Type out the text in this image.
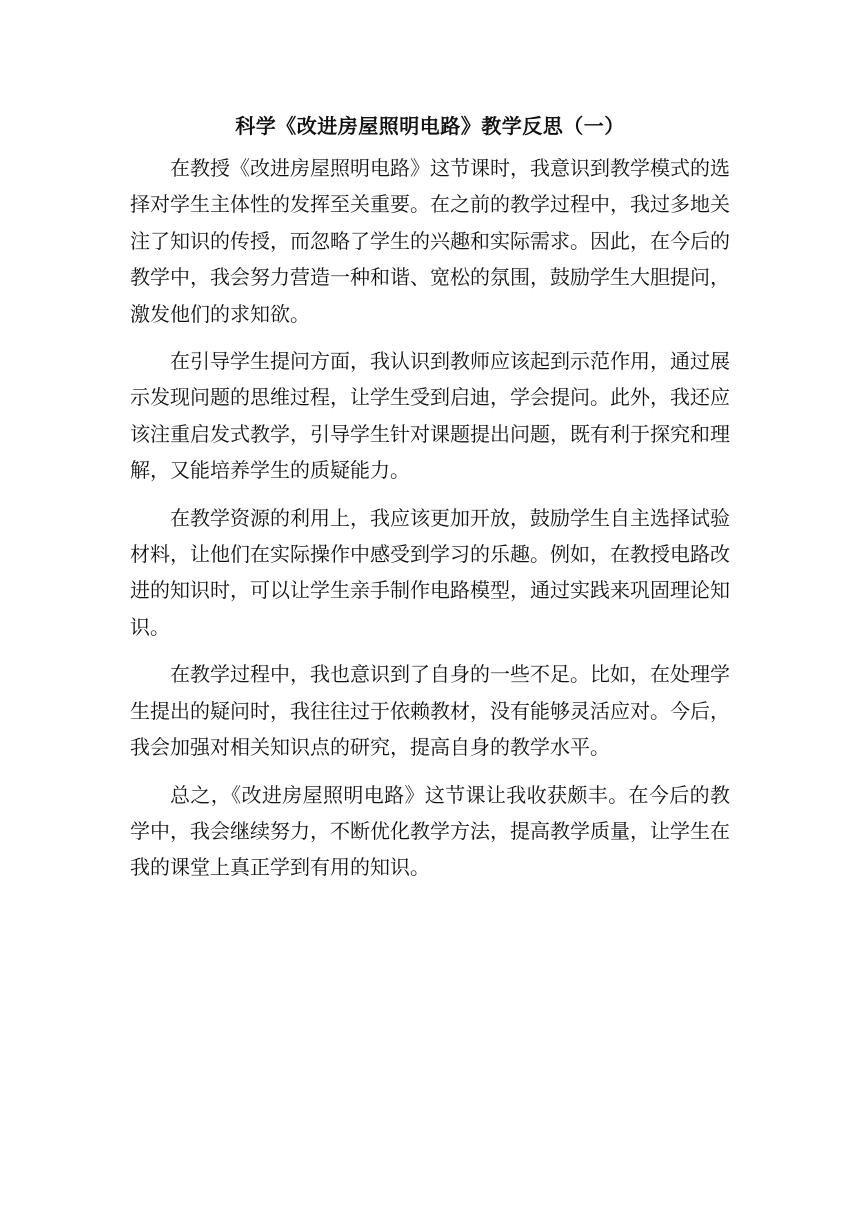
科学《改进房屋照明电路》教学反思（一）

在教授《改进房屋照明电路》这节课时，我意识到教学模式的选择对学生主体性的发挥至关重要。在之前的教学过程中，我过多地关注了知识的传授，而忽略了学生的兴趣和实际需求。因此，在今后的教学中，我会努力营造一种和谐、宽松的氛围，鼓励学生大胆提问，激发他们的求知欲。

在引导学生提问方面，我认识到教师应该起到示范作用，通过展示发现问题的思维过程，让学生受到启迪，学会提问。此外，我还应该注重启发式教学，引导学生针对课题提出问题，既有利于探究和理解，又能培养学生的质疑能力。

在教学资源的利用上，我应该更加开放，鼓励学生自主选择试验材料，让他们在实际操作中感受到学习的乐趣。例如，在教授电路改进的知识时，可以让学生亲手制作电路模型，通过实践来巩固理论知识。

在教学过程中，我也意识到了自身的一些不足。比如，在处理学生提出的疑问时，我往往过于依赖教材，没有能够灵活应对。今后，我会加强对相关知识点的研究，提高自身的教学水平。

总之，《改进房屋照明电路》这节课让我收获颇丰。在今后的教学中，我会继续努力，不断优化教学方法，提高教学质量，让学生在我的课堂上真正学到有用的知识。
